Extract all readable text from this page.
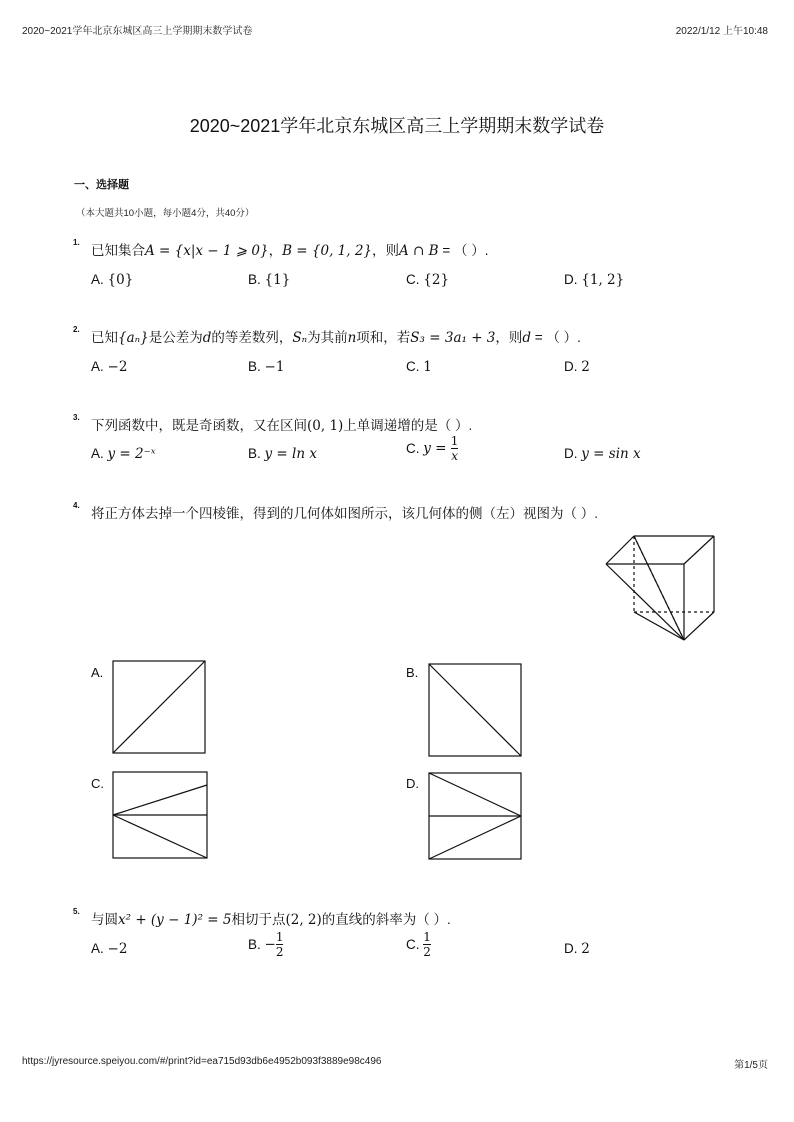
2020~2021学年北京东城区高三上学期期末数学试卷	2022/1/12 上午10:48
2020~2021学年北京东城区高三上学期期末数学试卷
一、选择题
（本大题共10小题，每小题4分，共40分）
1.
已知集合A = {x|x − 1 ⩾ 0}，B = {0, 1, 2}，则A ∩ B = （ ）.
A. {0}	B. {1}	C. {2}	D. {1, 2}
2.
已知{aₙ}是公差为d的等差数列，Sₙ为其前n项和，若S₃ = 3a₁ + 3，则d = （ ）.
A. −2	B. −1	C. 1	D. 2
3.
下列函数中，既是奇函数，又在区间(0, 1)上单调递增的是（ ）.
A. y = 2⁻ˣ	B. y = ln x	C. $y = \frac{1}{x}$	D. y = sin x
4.
将正方体去掉一个四棱锥，得到的几何体如图所示，该几何体的侧（左）视图为（ ）.
A.	B.
C.	D.
5.
与圆x² + (y − 1)² = 5相切于点(2, 2)的直线的斜率为（ ）.
A. −2	B. − $\frac{1}{2}$	C. $\frac{1}{2}$	D. 2
https://jyresource.speiyou.com/#/print?id=ea715d93db6e4952b093f3889e98c496	第1/5页
